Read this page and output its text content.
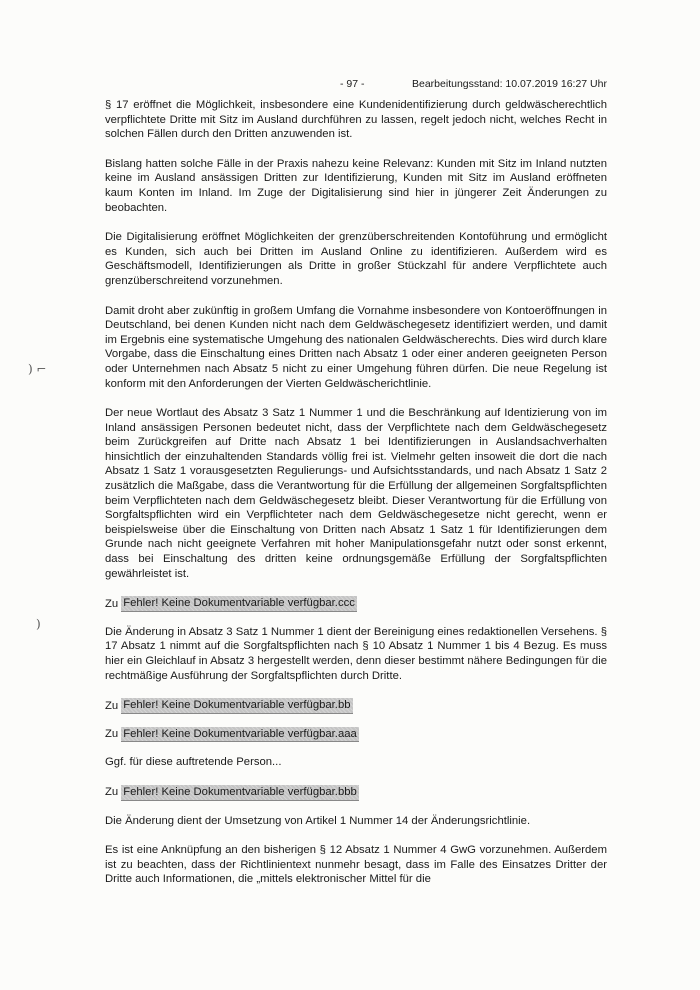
- 97 -	Bearbeitungsstand: 10.07.2019 16:27 Uhr
) ⌐
)

§ 17 eröffnet die Möglichkeit, insbesondere eine Kundenidentifizierung durch geldwäscherechtlich verpflichtete Dritte mit Sitz im Ausland durchführen zu lassen, regelt jedoch nicht, welches Recht in solchen Fällen durch den Dritten anzuwenden ist.

Bislang hatten solche Fälle in der Praxis nahezu keine Relevanz: Kunden mit Sitz im Inland nutzten keine im Ausland ansässigen Dritten zur Identifizierung, Kunden mit Sitz im Ausland eröffneten kaum Konten im Inland. Im Zuge der Digitalisierung sind hier in jüngerer Zeit Änderungen zu beobachten.

Die Digitalisierung eröffnet Möglichkeiten der grenzüberschreitenden Kontoführung und ermöglicht es Kunden, sich auch bei Dritten im Ausland Online zu identifizieren. Außerdem wird es Geschäftsmodell, Identifizierungen als Dritte in großer Stückzahl für andere Verpflichtete auch grenzüberschreitend vorzunehmen.

Damit droht aber zukünftig in großem Umfang die Vornahme insbesondere von Kontoeröffnungen in Deutschland, bei denen Kunden nicht nach dem Geldwäschegesetz identifiziert werden, und damit im Ergebnis eine systematische Umgehung des nationalen Geldwäscherechts. Dies wird durch klare Vorgabe, dass die Einschaltung eines Dritten nach Absatz 1 oder einer anderen geeigneten Person oder Unternehmen nach Absatz 5 nicht zu einer Umgehung führen dürfen. Die neue Regelung ist konform mit den Anforderungen der Vierten Geldwäscherichtlinie.

Der neue Wortlaut des Absatz 3 Satz 1 Nummer 1 und die Beschränkung auf Identizierung von im Inland ansässigen Personen bedeutet nicht, dass der Verpflichtete nach dem Geldwäschegesetz beim Zurückgreifen auf Dritte nach Absatz 1 bei Identifizierungen in Auslandsachverhalten hinsichtlich der einzuhaltenden Standards völlig frei ist. Vielmehr gelten insoweit die dort die nach Absatz 1 Satz 1 vorausgesetzten Regulierungs- und Aufsichtsstandards, und nach Absatz 1 Satz 2 zusätzlich die Maßgabe, dass die Verantwortung für die Erfüllung der allgemeinen Sorgfaltspflichten beim Verpflichteten nach dem Geldwäschegesetz bleibt. Dieser Verantwortung für die Erfüllung von Sorgfaltspflichten wird ein Verpflichteter nach dem Geldwäschegesetze nicht gerecht, wenn er beispielsweise über die Einschaltung von Dritten nach Absatz 1 Satz 1 für Identifizierungen dem Grunde nach nicht geeignete Verfahren mit hoher Manipulationsgefahr nutzt oder sonst erkennt, dass bei Einschaltung des dritten keine ordnungsgemäße Erfüllung der Sorgfaltspflichten gewährleistet ist.

Zu Fehler! Keine Dokumentvariable verfügbar.ccc

Die Änderung in Absatz 3 Satz 1 Nummer 1 dient der Bereinigung eines redaktionellen Versehens. § 17 Absatz 1 nimmt auf die Sorgfaltspflichten nach § 10 Absatz 1 Nummer 1 bis 4 Bezug. Es muss hier ein Gleichlauf in Absatz 3 hergestellt werden, denn dieser bestimmt nähere Bedingungen für die rechtmäßige Ausführung der Sorgfaltspflichten durch Dritte.

Zu Fehler! Keine Dokumentvariable verfügbar.bb
Zu Fehler! Keine Dokumentvariable verfügbar.aaa

Ggf. für diese auftretende Person...

Zu Fehler! Keine Dokumentvariable verfügbar.bbb

Die Änderung dient der Umsetzung von Artikel 1 Nummer 14 der Änderungsrichtlinie.

Es ist eine Anknüpfung an den bisherigen § 12 Absatz 1 Nummer 4 GwG vorzunehmen. Außerdem ist zu beachten, dass der Richtlinientext nunmehr besagt, dass im Falle des Einsatzes Dritter der Dritte auch Informationen, die „mittels elektronischer Mittel für die
